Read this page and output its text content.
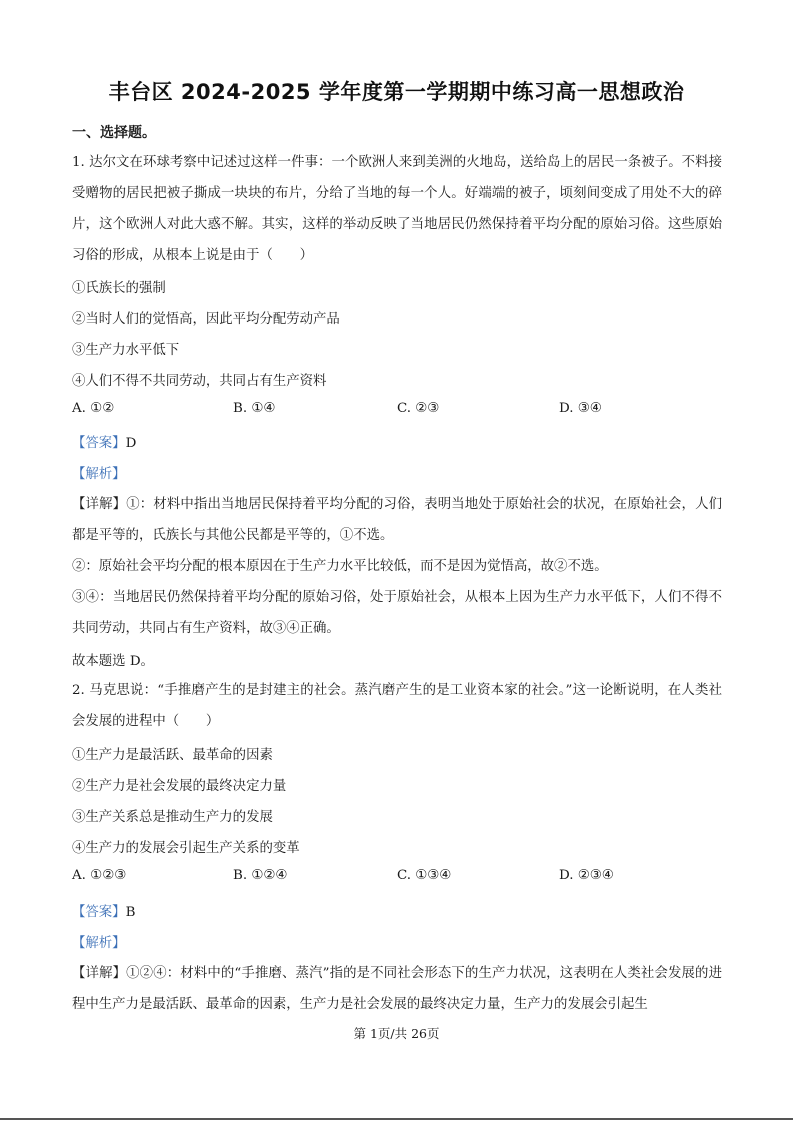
丰台区 2024-2025 学年度第一学期期中练习高一思想政治
一、选择题。
1. 达尔文在环球考察中记述过这样一件事：一个欧洲人来到美洲的火地岛，送给岛上的居民一条被子。不料接受赠物的居民把被子撕成一块块的布片，分给了当地的每一个人。好端端的被子，顷刻间变成了用处不大的碎片，这个欧洲人对此大惑不解。其实，这样的举动反映了当地居民仍然保持着平均分配的原始习俗。这些原始习俗的形成，从根本上说是由于（　　）
①氏族长的强制
②当时人们的觉悟高，因此平均分配劳动产品
③生产力水平低下
④人们不得不共同劳动，共同占有生产资料
A. ①②	B. ①④	C. ②③	D. ③④
【答案】D
【解析】
【详解】①：材料中指出当地居民保持着平均分配的习俗，表明当地处于原始社会的状况，在原始社会，人们都是平等的，氏族长与其他公民都是平等的，①不选。
②：原始社会平均分配的根本原因在于生产力水平比较低，而不是因为觉悟高，故②不选。
③④：当地居民仍然保持着平均分配的原始习俗，处于原始社会，从根本上因为生产力水平低下，人们不得不共同劳动，共同占有生产资料，故③④正确。
故本题选 D。
2. 马克思说：“手推磨产生的是封建主的社会。蒸汽磨产生的是工业资本家的社会。”这一论断说明，在人类社会发展的进程中（　　）
①生产力是最活跃、最革命的因素
②生产力是社会发展的最终决定力量
③生产关系总是推动生产力的发展
④生产力的发展会引起生产关系的变革
A. ①②③	B. ①②④	C. ①③④	D. ②③④
【答案】B
【解析】
【详解】①②④：材料中的“手推磨、蒸汽”指的是不同社会形态下的生产力状况，这表明在人类社会发展的进程中生产力是最活跃、最革命的因素，生产力是社会发展的最终决定力量，生产力的发展会引起生
第 1页/共 26页
